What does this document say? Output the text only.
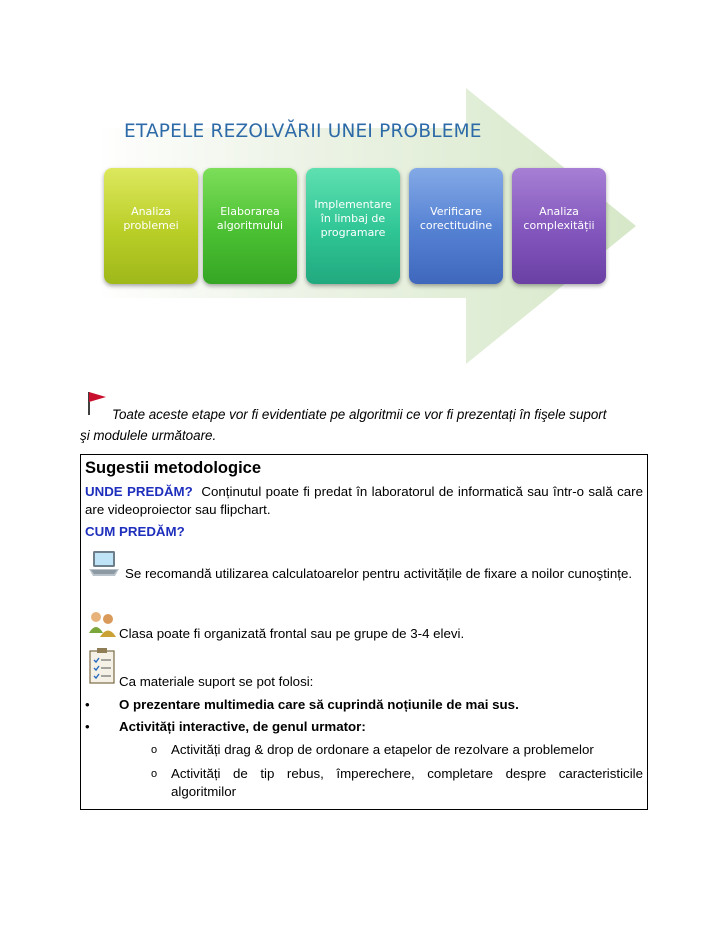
ETAPELE REZOLVĂRII UNEI PROBLEME
Analiza
problemei
Elaborarea
algoritmului
Implementare
în limbaj de
programare
Verificare
corectitudine
Analiza
complexității
Toate aceste etape vor fi evidentiate pe algoritmii ce vor fi prezentați în fişele suport
şi modulele următoare.
Sugestii metodologice
UNDE PREDĂM? Conținutul poate fi predat în laboratorul de informatică sau într-o sală care are videoproiector sau flipchart.
CUM PREDĂM?
Se recomandă utilizarea calculatoarelor pentru activitățile de fixare a noilor cunoştințe.
Clasa poate fi organizată frontal sau pe grupe de 3-4 elevi.
Ca materiale suport se pot folosi:
• O prezentare multimedia care să cuprindă noțiunile de mai sus.
• Activități interactive, de genul urmator:
o Activități drag & drop de ordonare a etapelor de rezolvare a problemelor
o Activități de tip rebus, împerechere, completare despre caracteristicile algoritmilor
